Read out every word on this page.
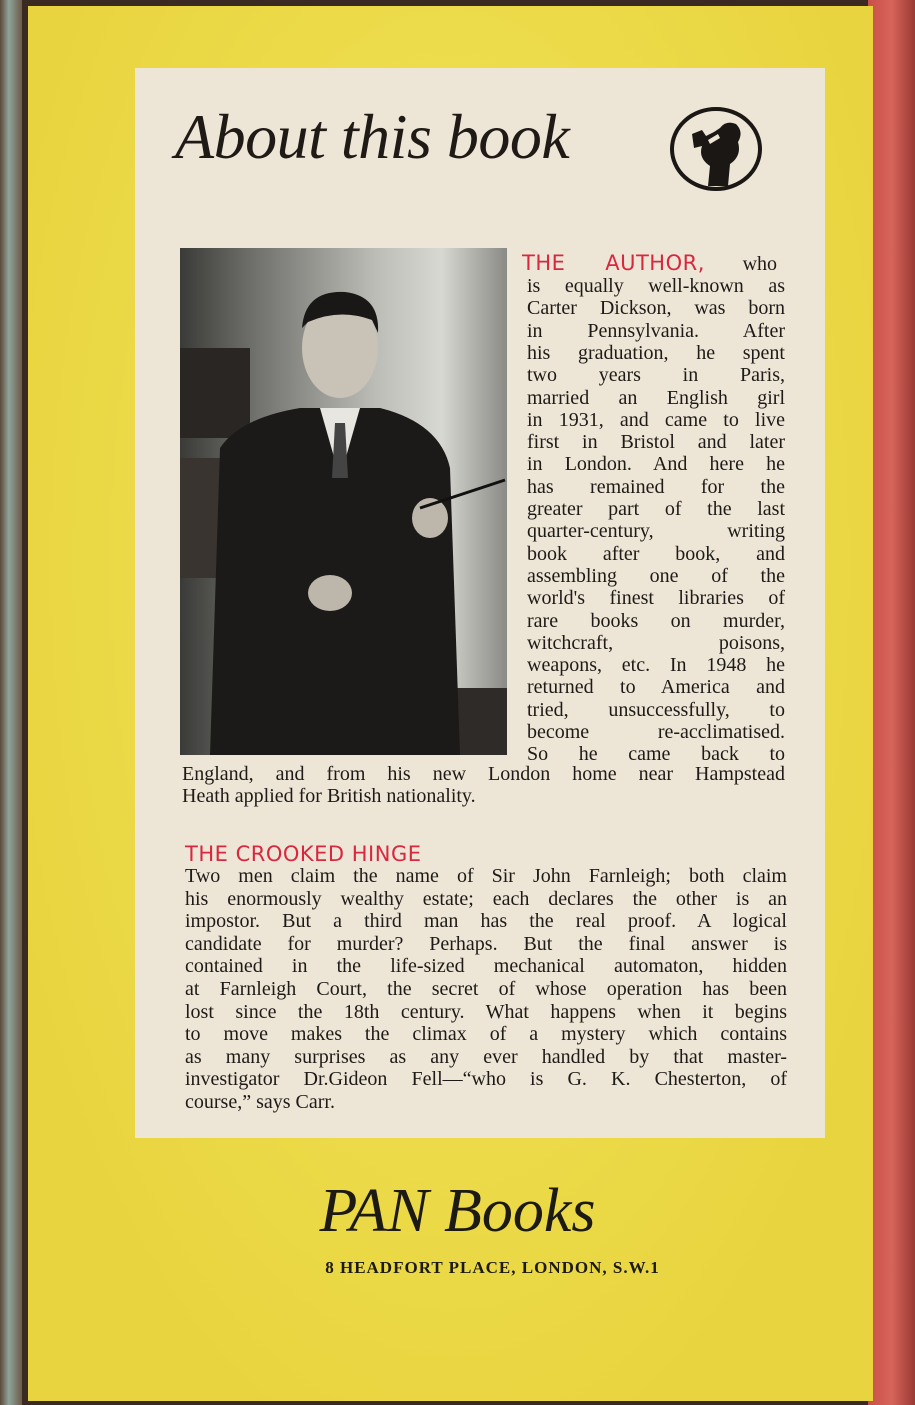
About this book
THE AUTHOR, who
is equally well-known as
Carter Dickson, was born
in Pennsylvania. After
his graduation, he spent
two years in Paris,
married an English girl
in 1931, and came to live
first in Bristol and later
in London. And here he
has remained for the
greater part of the last
quarter-century, writing
book after book, and
assembling one of the
world's finest libraries of
rare books on murder,
witchcraft, poisons,
weapons, etc. In 1948 he
returned to America and
tried, unsuccessfully, to
become re-acclimatised.
So he came back to
England, and from his new London home near Hampstead
Heath applied for British nationality.
THE CROOKED HINGE
Two men claim the name of Sir John Farnleigh; both claim
his enormously wealthy estate; each declares the other is an
impostor. But a third man has the real proof. A logical
candidate for murder? Perhaps. But the final answer is
contained in the life-sized mechanical automaton, hidden
at Farnleigh Court, the secret of whose operation has been
lost since the 18th century. What happens when it begins
to move makes the climax of a mystery which contains
as many surprises as any ever handled by that master-
investigator Dr.Gideon Fell—“who is G. K. Chesterton, of
course,” says Carr.
PAN Books
8 HEADFORT PLACE, LONDON, S.W.1
